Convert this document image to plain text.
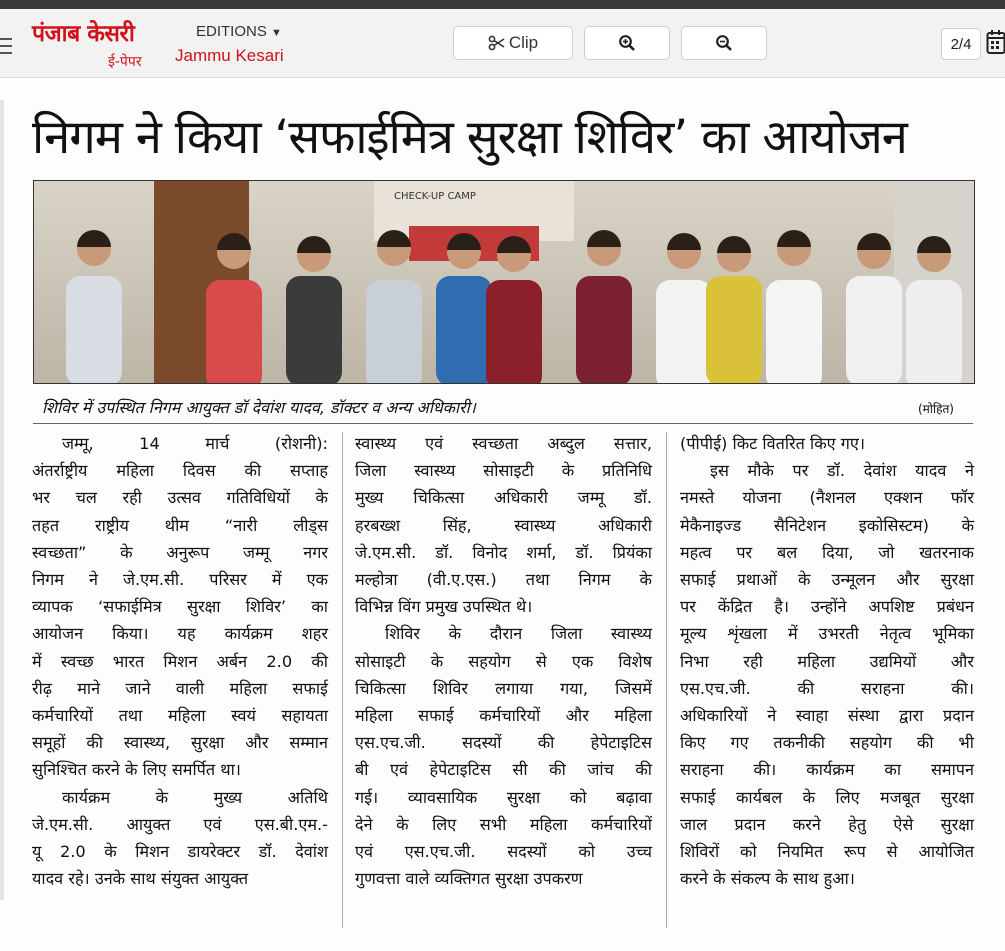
पंजाब केसरी
ई-पेपर
EDITIONS ▼
Jammu Kesari
Clip	2/4
निगम ने किया ‘सफाईमित्र सुरक्षा शिविर’ का आयोजन
CHECK-UP CAMP
शिविर में उपस्थित निगम आयुक्त डॉ देवांश यादव, डॉक्टर व अन्य अधिकारी।	(मोहित)

जम्मू, 14 मार्च (रोशनी):

अंतर्राष्ट्रीय महिला दिवस की सप्ताह

भर चल रही उत्सव गतिविधियों के

तहत राष्ट्रीय थीम “नारी लीड्स

स्वच्छता” के अनुरूप जम्मू नगर

निगम ने जे.एम.सी. परिसर में एक

व्यापक ‘सफाईमित्र सुरक्षा शिविर’ का

आयोजन किया। यह कार्यक्रम शहर

में स्वच्छ भारत मिशन अर्बन 2.0 की

रीढ़ माने जाने वाली महिला सफाई

कर्मचारियों तथा महिला स्वयं सहायता

समूहों की स्वास्थ्य, सुरक्षा और सम्मान

सुनिश्चित करने के लिए समर्पित था।

कार्यक्रम के मुख्य अतिथि

जे.एम.सी. आयुक्त एवं एस.बी.एम.-

यू 2.0 के मिशन डायरेक्टर डॉ. देवांश

यादव रहे। उनके साथ संयुक्त आयुक्त

स्वास्थ्य एवं स्वच्छता अब्दुल सत्तार,

जिला स्वास्थ्य सोसाइटी के प्रतिनिधि

मुख्य चिकित्सा अधिकारी जम्मू डॉ.

हरबख्श सिंह, स्वास्थ्य अधिकारी

जे.एम.सी. डॉ. विनोद शर्मा, डॉ. प्रियंका

मल्होत्रा (वी.ए.एस.) तथा निगम के

विभिन्न विंग प्रमुख उपस्थित थे।

शिविर के दौरान जिला स्वास्थ्य

सोसाइटी के सहयोग से एक विशेष

चिकित्सा शिविर लगाया गया, जिसमें

महिला सफाई कर्मचारियों और महिला

एस.एच.जी. सदस्यों की हेपेटाइटिस

बी एवं हेपेटाइटिस सी की जांच की

गई। व्यावसायिक सुरक्षा को बढ़ावा

देने के लिए सभी महिला कर्मचारियों

एवं एस.एच.जी. सदस्यों को उच्च

गुणवत्ता वाले व्यक्तिगत सुरक्षा उपकरण

(पीपीई) किट वितरित किए गए।

इस मौके पर डॉ. देवांश यादव ने

नमस्ते योजना (नैशनल एक्शन फॉर

मेकैनाइज्ड सैनिटेशन इकोसिस्टम) के

महत्व पर बल दिया, जो खतरनाक

सफाई प्रथाओं के उन्मूलन और सुरक्षा

पर केंद्रित है। उन्होंने अपशिष्ट प्रबंधन

मूल्य शृंखला में उभरती नेतृत्व भूमिका

निभा रही महिला उद्यमियों और

एस.एच.जी. की सराहना की।

अधिकारियों ने स्वाहा संस्था द्वारा प्रदान

किए गए तकनीकी सहयोग की भी

सराहना की। कार्यक्रम का समापन

सफाई कार्यबल के लिए मजबूत सुरक्षा

जाल प्रदान करने हेतु ऐसे सुरक्षा

शिविरों को नियमित रूप से आयोजित

करने के संकल्प के साथ हुआ।
